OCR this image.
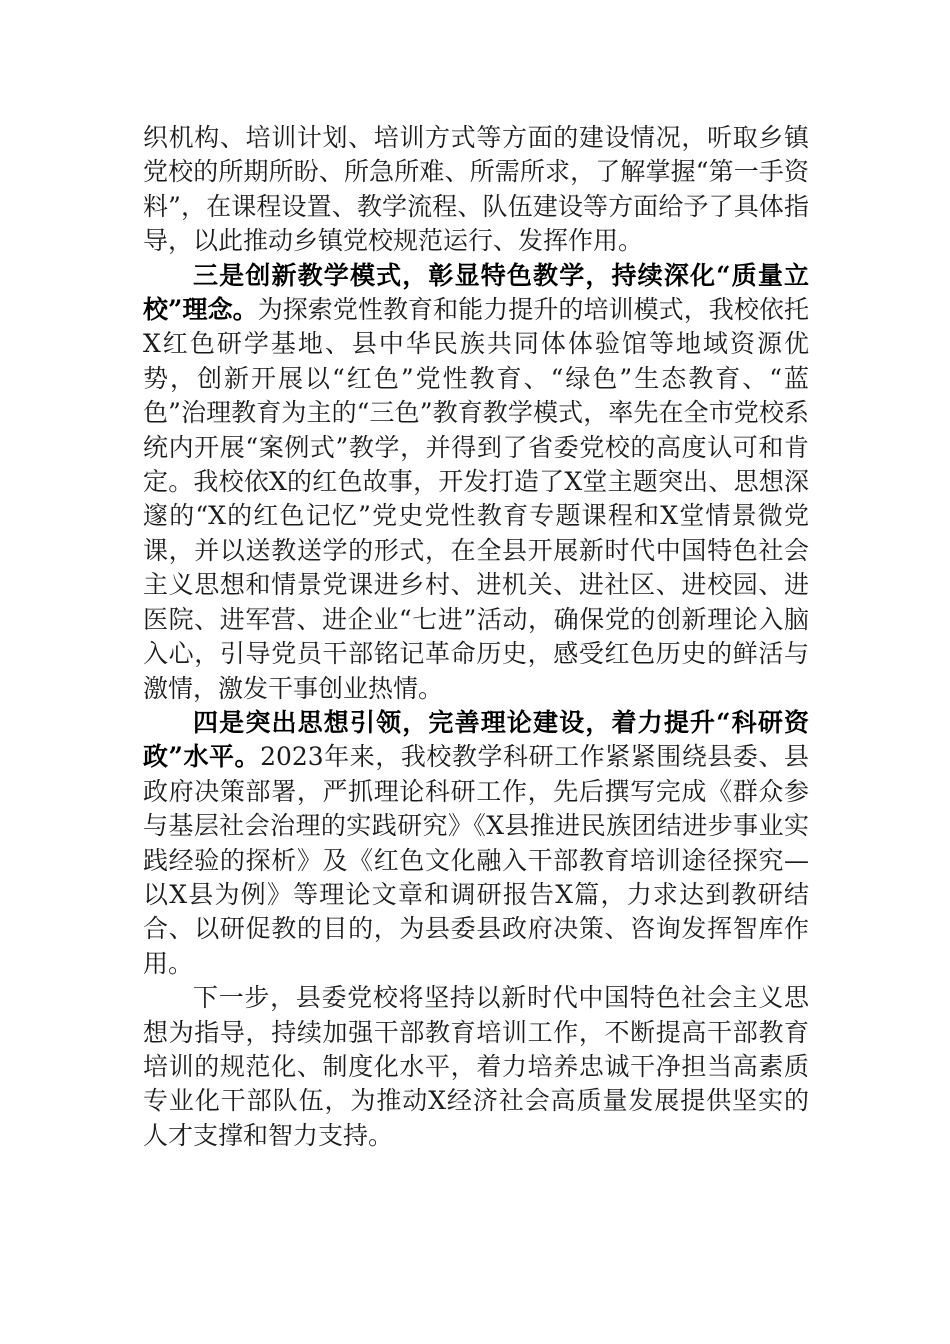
织机构、培训计划、培训方式等方面的建设情况，听取乡镇党校的所期所盼、所急所难、所需所求，了解掌握“第一手资料”，在课程设置、教学流程、队伍建设等方面给予了具体指导，以此推动乡镇党校规范运行、发挥作用。

三是创新教学模式，彰显特色教学，持续深化“质量立校”理念。为探索党性教育和能力提升的培训模式，我校依托X红色研学基地、县中华民族共同体体验馆等地域资源优势，创新开展以“红色”党性教育、“绿色”生态教育、“蓝色”治理教育为主的“三色”教育教学模式，率先在全市党校系统内开展“案例式”教学，并得到了省委党校的高度认可和肯定。我校依X的红色故事，开发打造了X堂主题突出、思想深邃的“X的红色记忆”党史党性教育专题课程和X堂情景微党课，并以送教送学的形式，在全县开展新时代中国特色社会主义思想和情景党课进乡村、进机关、进社区、进校园、进医院、进军营、进企业“七进”活动，确保党的创新理论入脑入心，引导党员干部铭记革命历史，感受红色历史的鲜活与激情，激发干事创业热情。

四是突出思想引领，完善理论建设，着力提升“科研资政”水平。2023年来，我校教学科研工作紧紧围绕县委、县政府决策部署，严抓理论科研工作，先后撰写完成《群众参与基层社会治理的实践研究》《X县推进民族团结进步事业实践经验的探析》及《红色文化融入干部教育培训途径探究—以X县为例》等理论文章和调研报告X篇，力求达到教研结合、以研促教的目的，为县委县政府决策、咨询发挥智库作用。

下一步，县委党校将坚持以新时代中国特色社会主义思想为指导，持续加强干部教育培训工作，不断提高干部教育培训的规范化、制度化水平，着力培养忠诚干净担当高素质专业化干部队伍，为推动X经济社会高质量发展提供坚实的人才支撑和智力支持。
